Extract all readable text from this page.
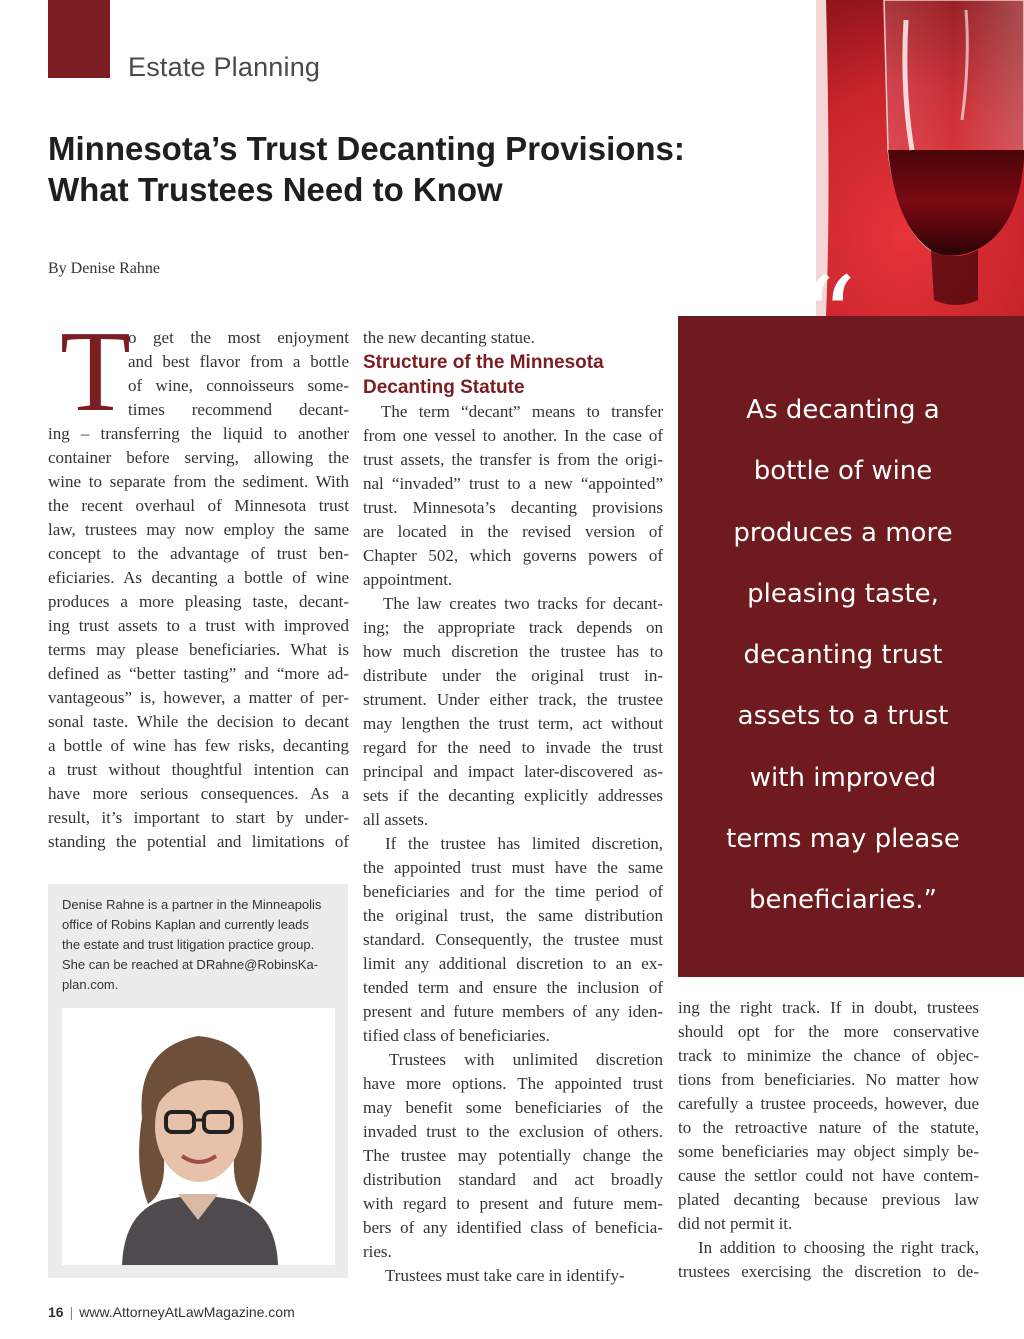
Estate Planning
Minnesota’s Trust Decanting Provisions:
What Trustees Need to Know
By Denise Rahne	“
As decanting a
bottle of wine
produces a more
pleasing taste,
decanting trust
assets to a trust
with improved
terms may please
beneficiaries.”
T
o get the most enjoyment
and best flavor from a bottle
of wine, connoisseurs some-
times recommend decant-
ing – transferring the liquid to another
container before serving, allowing the
wine to separate from the sediment. With
the recent overhaul of Minnesota trust
law, trustees may now employ the same
concept to the advantage of trust ben-
eficiaries. As decanting a bottle of wine
produces a more pleasing taste, decant-
ing trust assets to a trust with improved
terms may please beneficiaries. What is
defined as “better tasting” and “more ad-
vantageous” is, however, a matter of per-
sonal taste. While the decision to decant
a bottle of wine has few risks, decanting
a trust without thoughtful intention can
have more serious consequences. As a
result, it’s important to start by under-
standing the potential and limitations of
the new decanting statue.
Structure of the Minnesota
Decanting Statute
The term “decant” means to transfer
from one vessel to another. In the case of
trust assets, the transfer is from the origi-
nal “invaded” trust to a new “appointed”
trust. Minnesota’s decanting provisions
are located in the revised version of
Chapter 502, which governs powers of
appointment.
The law creates two tracks for decant-
ing; the appropriate track depends on
how much discretion the trustee has to
distribute under the original trust in-
strument. Under either track, the trustee
may lengthen the trust term, act without
regard for the need to invade the trust
principal and impact later-discovered as-
sets if the decanting explicitly addresses
all assets.
If the trustee has limited discretion,
the appointed trust must have the same
beneficiaries and for the time period of
the original trust, the same distribution
standard. Consequently, the trustee must
limit any additional discretion to an ex-
tended term and ensure the inclusion of
present and future members of any iden-
tified class of beneficiaries.
Trustees with unlimited discretion
have more options. The appointed trust
may benefit some beneficiaries of the
invaded trust to the exclusion of others.
The trustee may potentially change the
distribution standard and act broadly
with regard to present and future mem-
bers of any identified class of beneficia-
ries.
Trustees must take care in identify-
ing the right track. If in doubt, trustees
should opt for the more conservative
track to minimize the chance of objec-
tions from beneficiaries. No matter how
carefully a trustee proceeds, however, due
to the retroactive nature of the statute,
some beneficiaries may object simply be-
cause the settlor could not have contem-
plated decanting because previous law
did not permit it.
In addition to choosing the right track,
trustees exercising the discretion to de-
Denise Rahne is a partner in the Minneapolis
office of Robins Kaplan and currently leads
the estate and trust litigation practice group.
She can be reached at DRahne@RobinsKa-
plan.com.
16 | www.AttorneyAtLawMagazine.com
